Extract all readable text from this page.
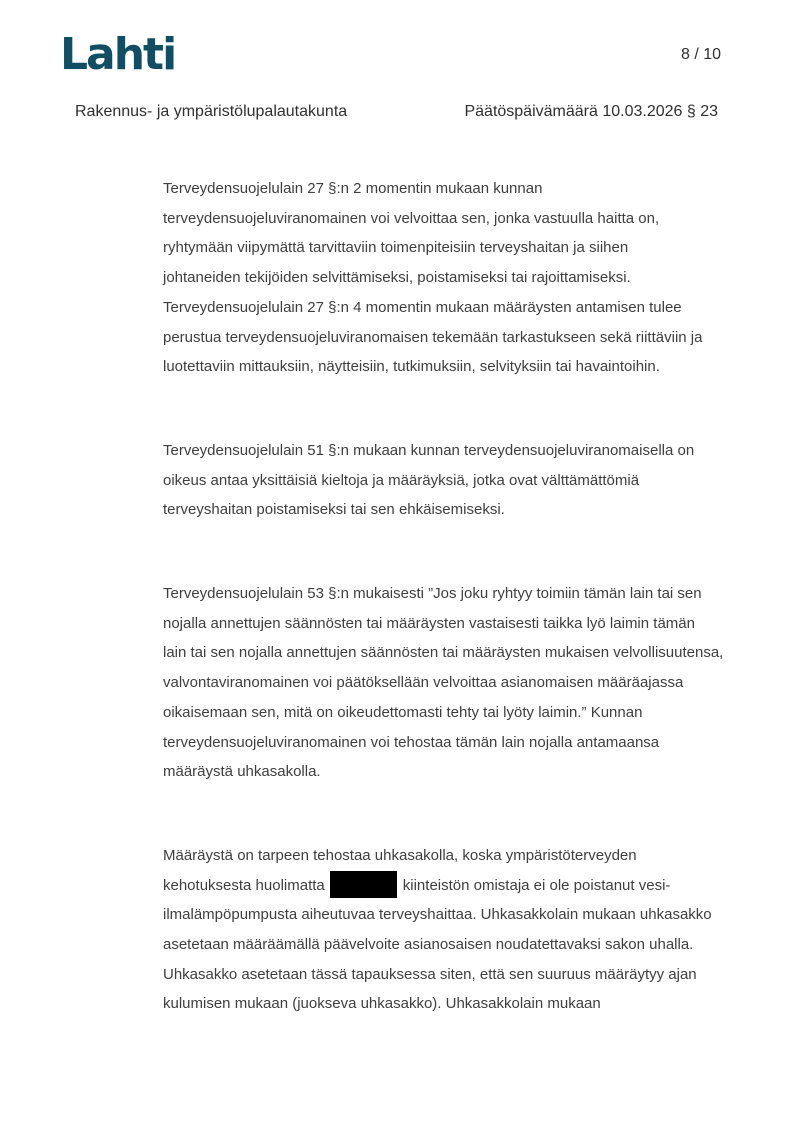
Lahti	8 / 10
Rakennus- ja ympäristölupalautakunta	Päätöspäivämäärä 10.03.2026 § 23
Terveydensuojelulain 27 §:n 2 momentin mukaan kunnan
terveydensuojeluviranomainen voi velvoittaa sen, jonka vastuulla haitta on,
ryhtymään viipymättä tarvittaviin toimenpiteisiin terveyshaitan ja siihen
johtaneiden tekijöiden selvittämiseksi, poistamiseksi tai rajoittamiseksi.
Terveydensuojelulain 27 §:n 4 momentin mukaan määräysten antamisen tulee
perustua terveydensuojeluviranomaisen tekemään tarkastukseen sekä riittäviin ja
luotettaviin mittauksiin, näytteisiin, tutkimuksiin, selvityksiin tai havaintoihin.
Terveydensuojelulain 51 §:n mukaan kunnan terveydensuojeluviranomaisella on
oikeus antaa yksittäisiä kieltoja ja määräyksiä, jotka ovat välttämättömiä
terveyshaitan poistamiseksi tai sen ehkäisemiseksi.
Terveydensuojelulain 53 §:n mukaisesti ”Jos joku ryhtyy toimiin tämän lain tai sen
nojalla annettujen säännösten tai määräysten vastaisesti taikka lyö laimin tämän
lain tai sen nojalla annettujen säännösten tai määräysten mukaisen velvollisuutensa,
valvontaviranomainen voi päätöksellään velvoittaa asianomaisen määräajassa
oikaisemaan sen, mitä on oikeudettomasti tehty tai lyöty laimin.” Kunnan
terveydensuojeluviranomainen voi tehostaa tämän lain nojalla antamaansa
määräystä uhkasakolla.
Määräystä on tarpeen tehostaa uhkasakolla, koska ympäristöterveyden
kehotuksesta huolimatta	kiinteistön omistaja ei ole poistanut vesi-
ilmalämpöpumpusta aiheutuvaa terveyshaittaa. Uhkasakkolain mukaan uhkasakko
asetetaan määräämällä päävelvoite asianosaisen noudatettavaksi sakon uhalla.
Uhkasakko asetetaan tässä tapauksessa siten, että sen suuruus määräytyy ajan
kulumisen mukaan (juokseva uhkasakko). Uhkasakkolain mukaan
